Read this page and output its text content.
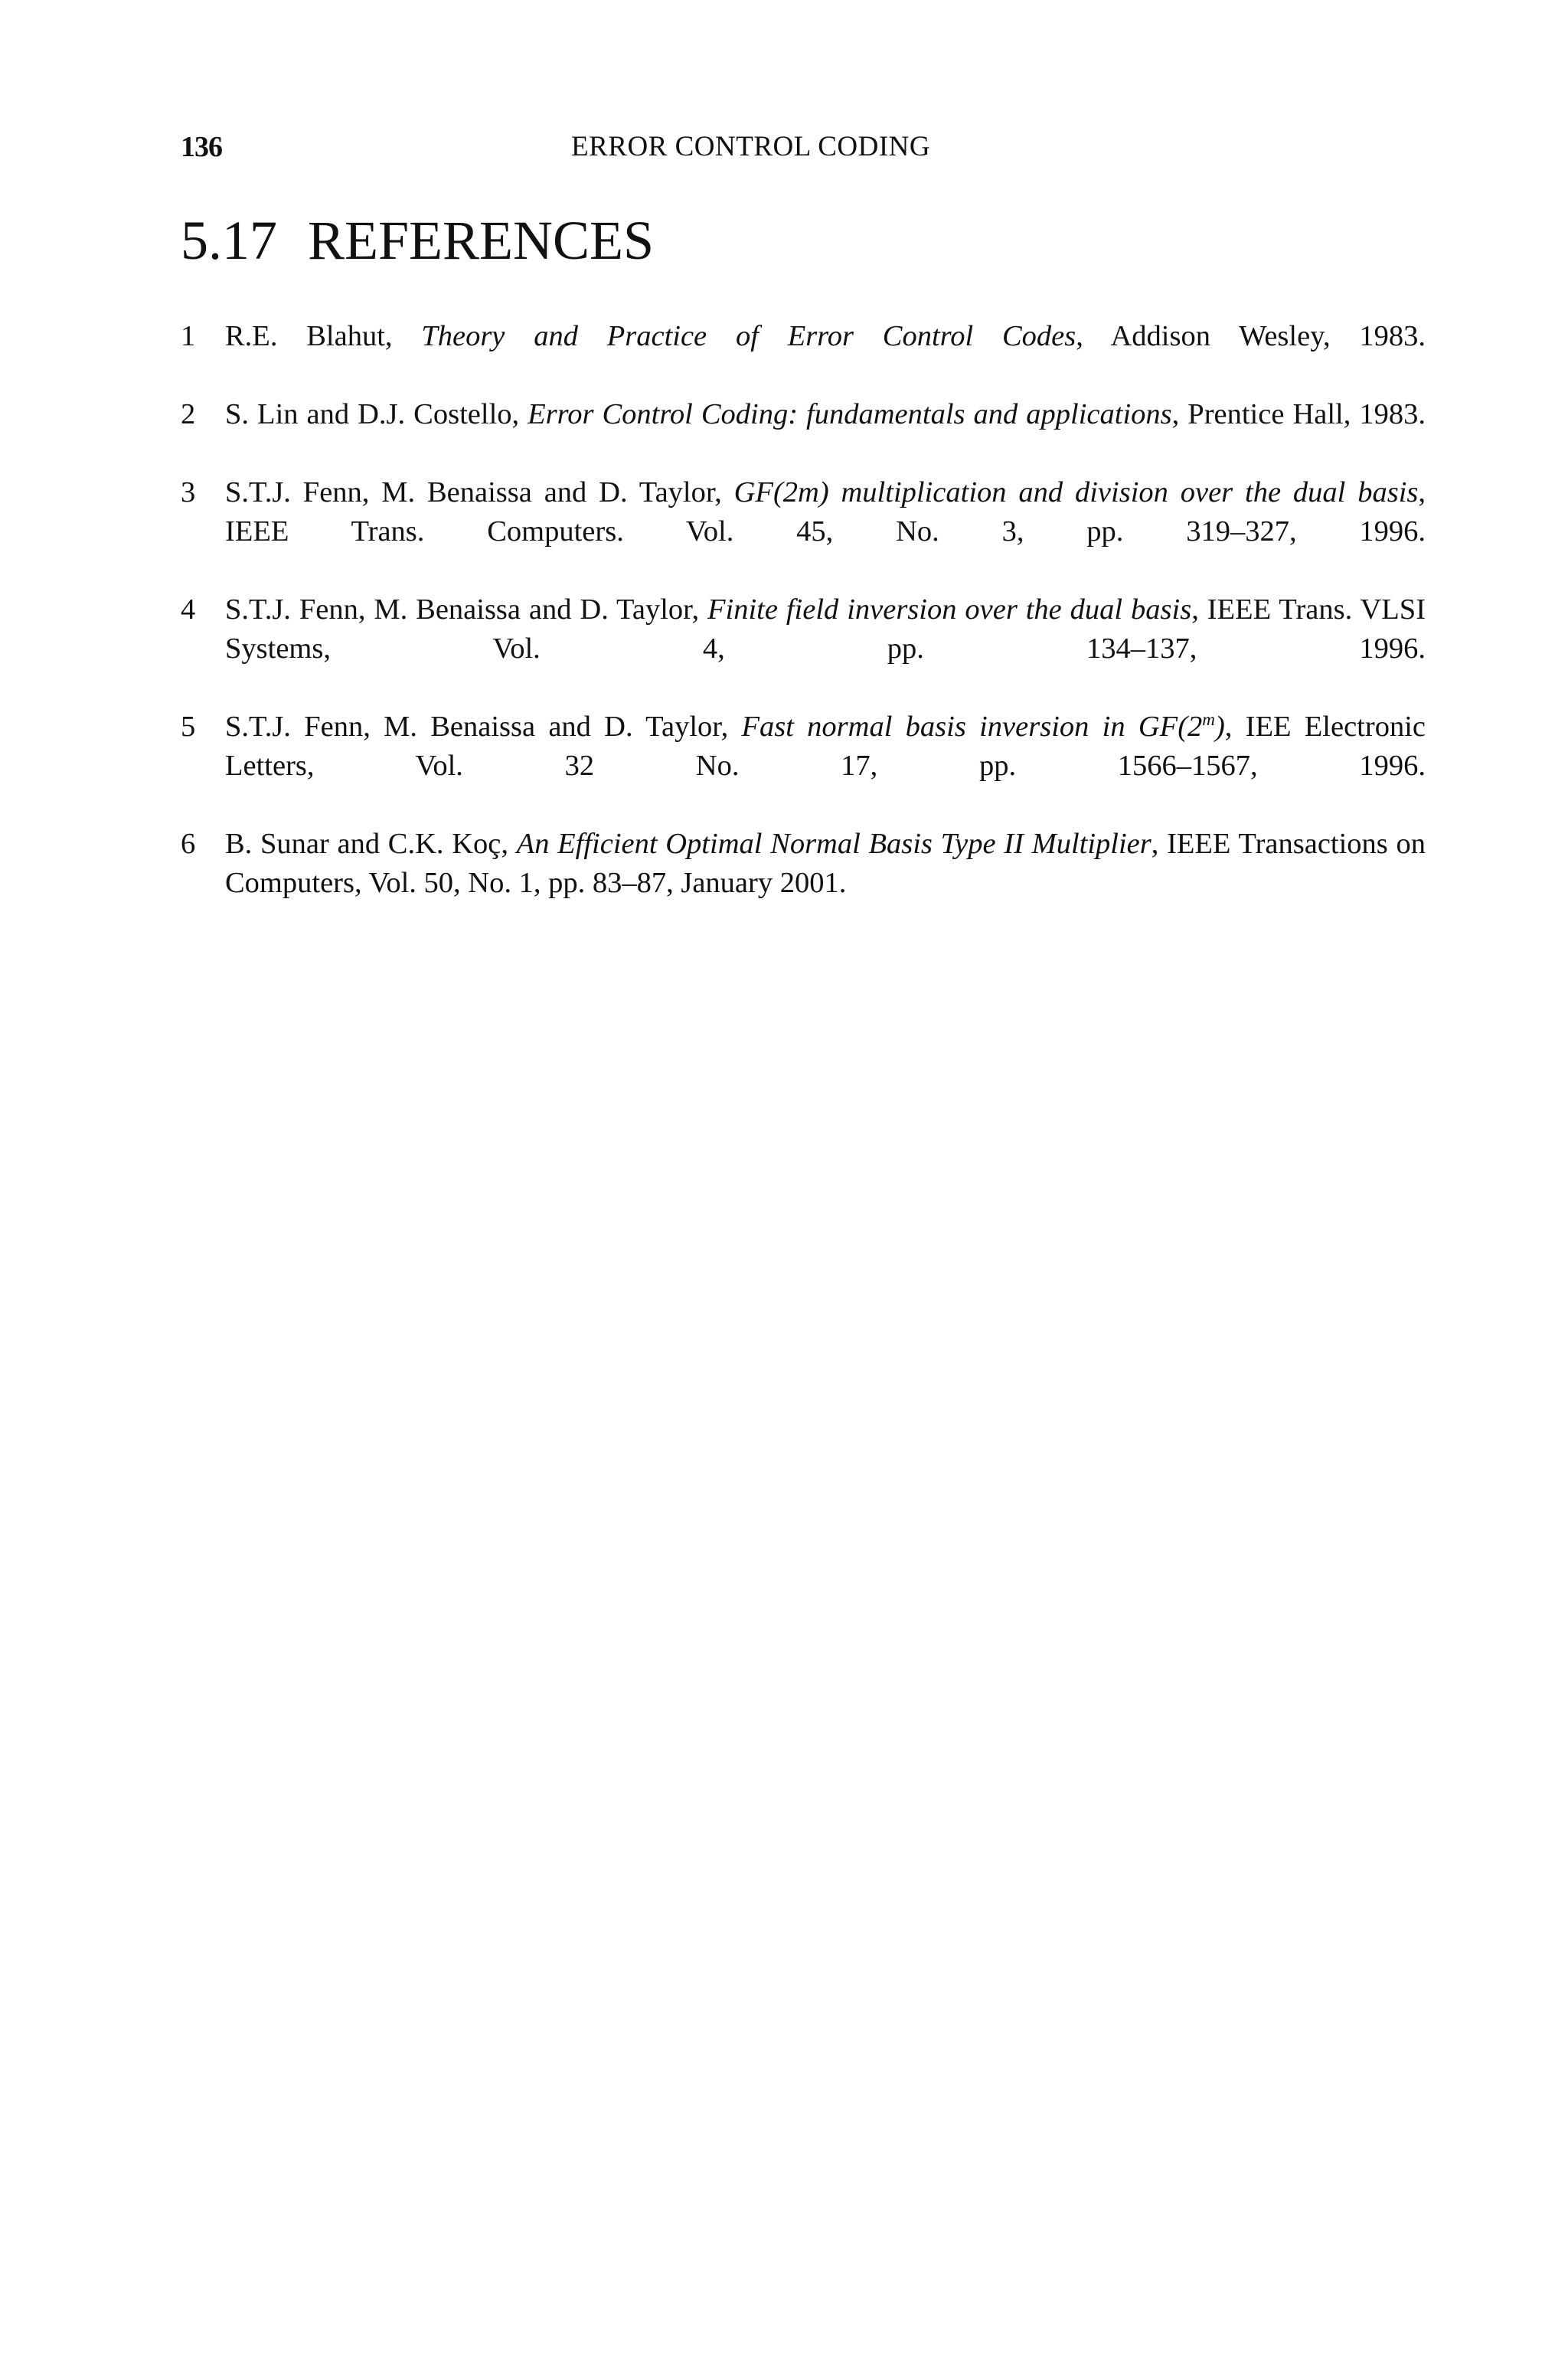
136	ERROR CONTROL CODING
5.17 REFERENCES
1 R.E. Blahut, Theory and Practice of Error Control Codes, Addison Wesley, 1983.
2 S. Lin and D.J. Costello, Error Control Coding: fundamentals and applications, Prentice Hall, 1983.
3 S.T.J. Fenn, M. Benaissa and D. Taylor, GF(2m) multiplication and division over the dual basis, IEEE Trans. Computers. Vol. 45, No. 3, pp. 319–327, 1996.
4 S.T.J. Fenn, M. Benaissa and D. Taylor, Finite field inversion over the dual basis, IEEE Trans. VLSI Systems, Vol. 4, pp. 134–137, 1996.
5 S.T.J. Fenn, M. Benaissa and D. Taylor, Fast normal basis inversion in GF(2$^m$), IEE Electronic Letters, Vol. 32 No. 17, pp. 1566–1567, 1996.
6 B. Sunar and C.K. Koç, An Efficient Optimal Normal Basis Type II Multiplier, IEEE Transactions on Computers, Vol. 50, No. 1, pp. 83–87, January 2001.
